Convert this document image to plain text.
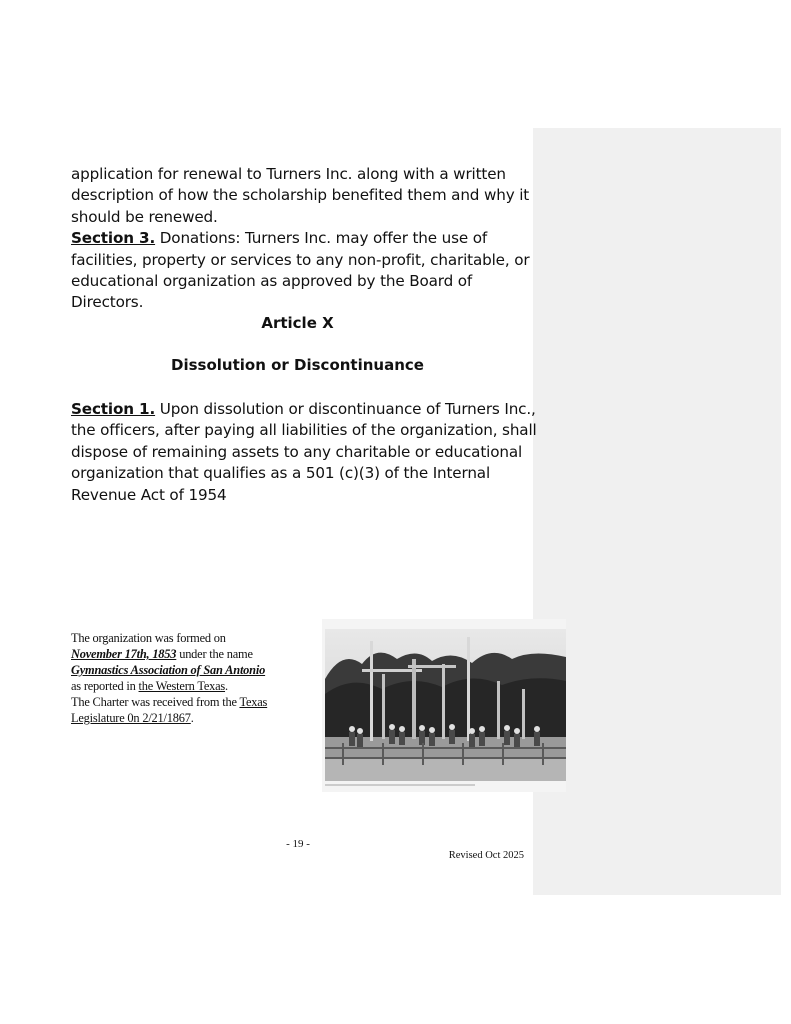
application for renewal to Turners Inc. along with a written

description of how the scholarship benefited them and why it

should be renewed.

Section 3. Donations: Turners Inc. may offer the use of

facilities, property or services to any non-profit, charitable, or

educational organization as approved by the Board of Directors.

Article X
Dissolution or Discontinuance

Section 1. Upon dissolution or discontinuance of Turners Inc.,

the officers, after paying all liabilities of the organization, shall

dispose of remaining assets to any charitable or educational

organization that qualifies as a 501 (c)(3) of the Internal

Revenue Act of 1954

The organization was formed on
November 17th, 1853 under the name
Gymnastics Association of San Antonio
as reported in the Western Texas.
The Charter was received from the Texas
Legislature 0n 2/21/1867.
- 19 -
Revised Oct 2025
